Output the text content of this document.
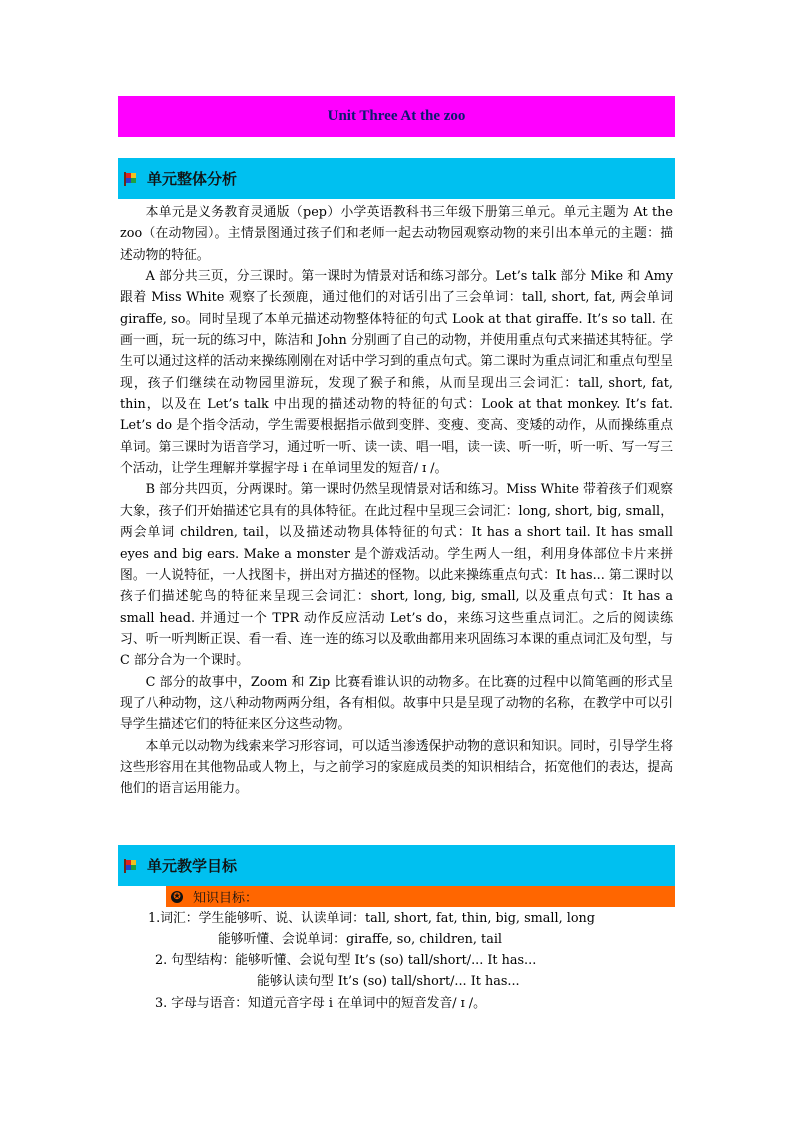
Unit Three At the zoo
单元整体分析

本单元是义务教育灵通版（pep）小学英语教科书三年级下册第三单元。单元主题为 At the zoo（在动物园）。主情景图通过孩子们和老师一起去动物园观察动物的来引出本单元的主题：描述动物的特征。

A 部分共三页，分三课时。第一课时为情景对话和练习部分。Let’s talk 部分 Mike 和 Amy 跟着 Miss White 观察了长颈鹿，通过他们的对话引出了三会单词：tall, short, fat, 两会单词 giraffe, so。同时呈现了本单元描述动物整体特征的句式 Look at that giraffe. It’s so tall. 在画一画，玩一玩的练习中，陈洁和 John 分别画了自己的动物，并使用重点句式来描述其特征。学生可以通过这样的活动来操练刚刚在对话中学习到的重点句式。第二课时为重点词汇和重点句型呈现，孩子们继续在动物园里游玩，发现了猴子和熊，从而呈现出三会词汇：tall, short, fat, thin，以及在 Let’s talk 中出现的描述动物的特征的句式：Look at that monkey. It’s fat. Let’s do 是个指令活动，学生需要根据指示做到变胖、变瘦、变高、变矮的动作，从而操练重点单词。第三课时为语音学习，通过听一听、读一读、唱一唱，读一读、听一听，听一听、写一写三个活动，让学生理解并掌握字母 i 在单词里发的短音/ ɪ /。

B 部分共四页，分两课时。第一课时仍然呈现情景对话和练习。Miss White 带着孩子们观察大象，孩子们开始描述它具有的具体特征。在此过程中呈现三会词汇：long, short, big, small，两会单词 children, tail，以及描述动物具体特征的句式：It has a short tail. It has small eyes and big ears. Make a monster 是个游戏活动。学生两人一组，利用身体部位卡片来拼图。一人说特征，一人找图卡，拼出对方描述的怪物。以此来操练重点句式：It has... 第二课时以孩子们描述鸵鸟的特征来呈现三会词汇：short, long, big, small, 以及重点句式：It has a small head. 并通过一个 TPR 动作反应活动 Let’s do，来练习这些重点词汇。之后的阅读练习、听一听判断正误、看一看、连一连的练习以及歌曲都用来巩固练习本课的重点词汇及句型，与 C 部分合为一个课时。

C 部分的故事中，Zoom 和 Zip 比赛看谁认识的动物多。在比赛的过程中以简笔画的形式呈现了八种动物，这八种动物两两分组，各有相似。故事中只是呈现了动物的名称，在教学中可以引导学生描述它们的特征来区分这些动物。

本单元以动物为线索来学习形容词，可以适当渗透保护动物的意识和知识。同时，引导学生将这些形容用在其他物品或人物上，与之前学习的家庭成员类的知识相结合，拓宽他们的表达，提高他们的语言运用能力。

单元教学目标
✪ 知识目标：
1.词汇：学生能够听、说、认读单词：tall, short, fat, thin, big, small, long
能够听懂、会说单词：giraffe, so, children, tail
2. 句型结构：能够听懂、会说句型 It’s (so) tall/short/... It has...
能够认读句型 It’s (so) tall/short/... It has...
3. 字母与语音：知道元音字母 i 在单词中的短音发音/ ɪ /。
